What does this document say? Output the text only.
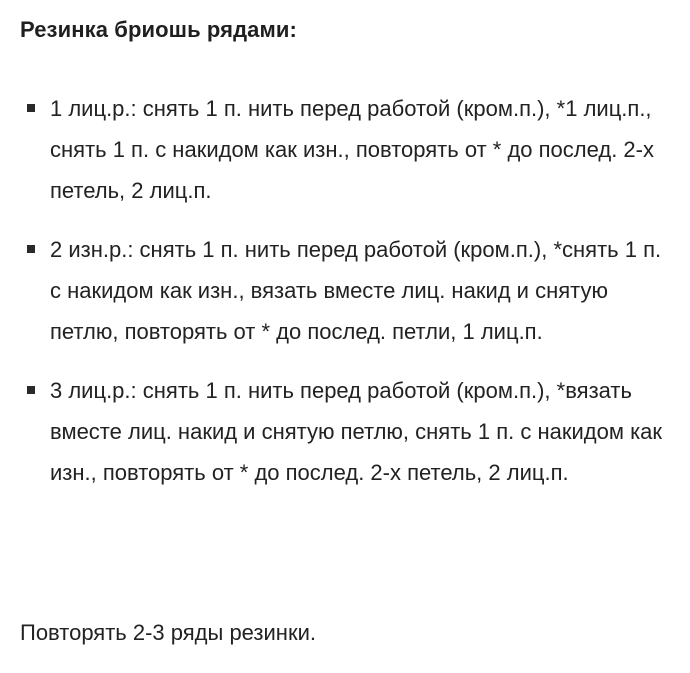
Резинка бриошь рядами:
1 лиц.р.: снять 1 п. нить перед работой (кром.п.), *1 лиц.п., снять 1 п. с накидом как изн., повторять от * до послед. 2-х петель, 2 лиц.п.
2 изн.р.: снять 1 п. нить перед работой (кром.п.), *снять 1 п. с накидом как изн., вязать вместе лиц. накид и снятую петлю, повторять от * до послед. петли, 1 лиц.п.
3 лиц.р.: снять 1 п. нить перед работой (кром.п.), *вязать вместе лиц. накид и снятую петлю, снять 1 п. с накидом как изн., повторять от * до послед. 2-х петель, 2 лиц.п.
Повторять 2-3 ряды резинки.
